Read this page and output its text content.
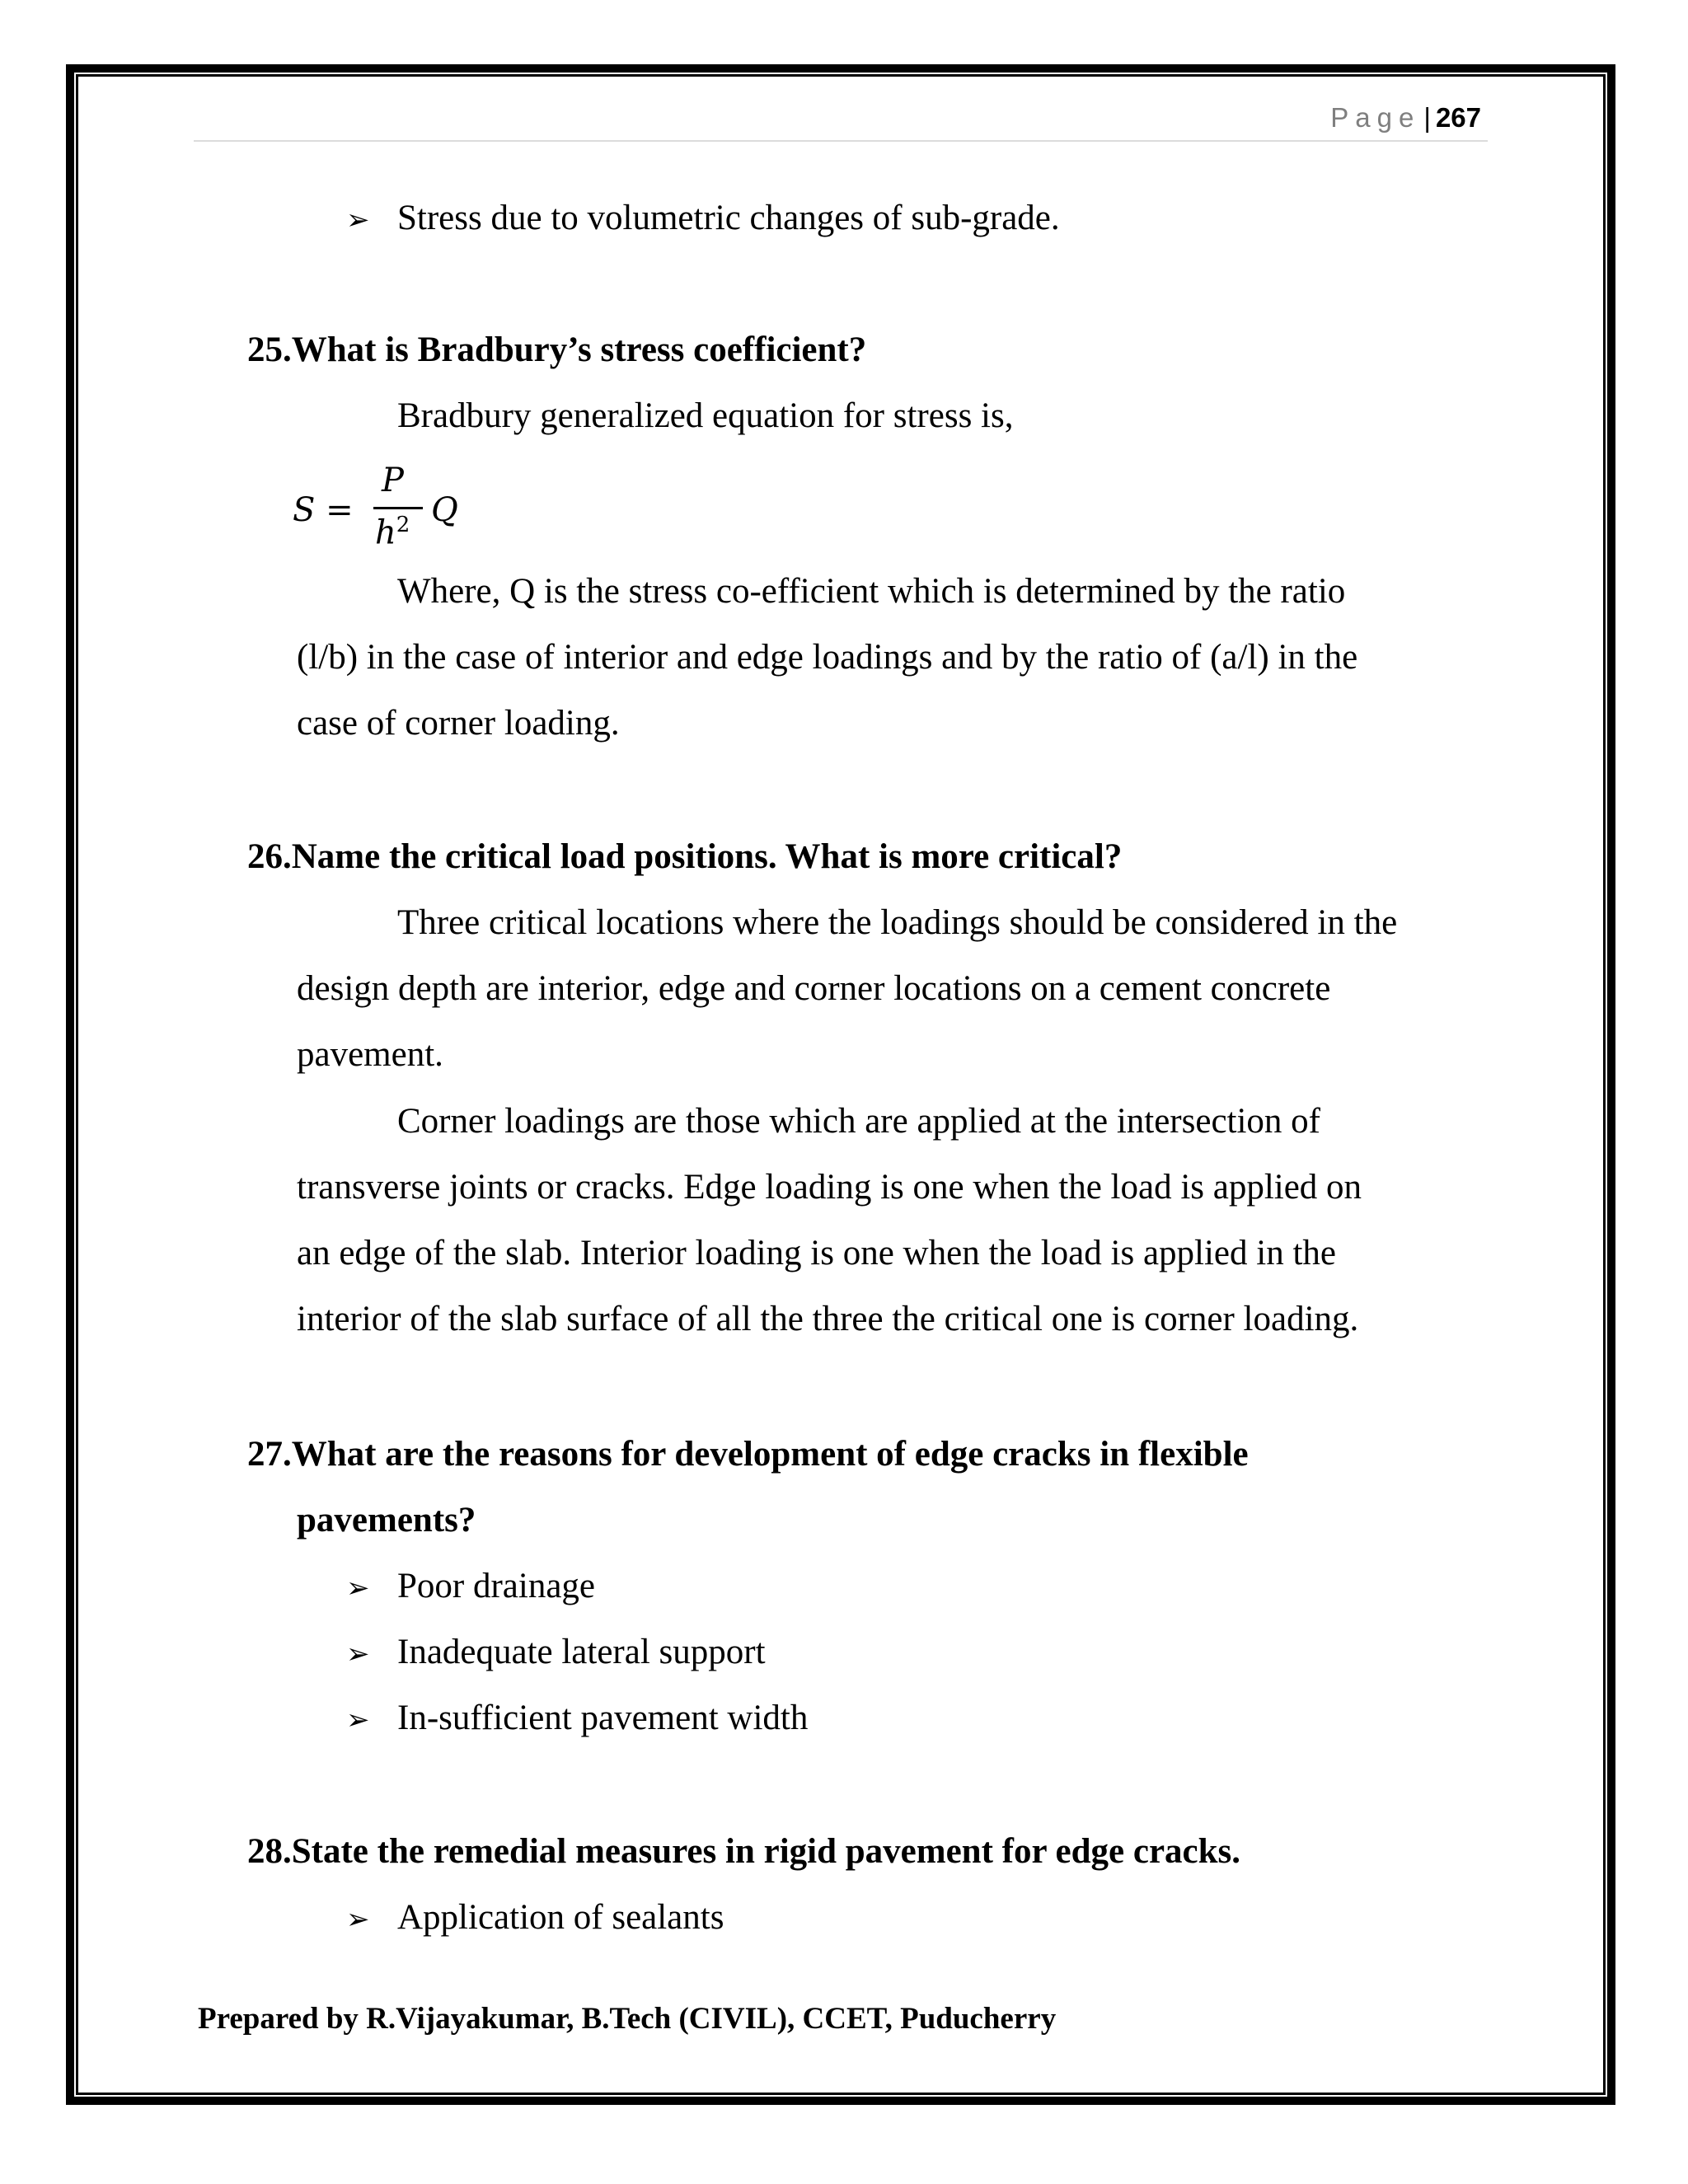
Page | 267
➢ Stress due to volumetric changes of sub-grade.
25.What is Bradbury’s stress coefficient?
Bradbury generalized equation for stress is,
S =
P
$h^2$ Q
Where, Q is the stress co-efficient which is determined by the ratio
(l/b) in the case of interior and edge loadings and by the ratio of (a/l) in the
case of corner loading.
26.Name the critical load positions. What is more critical?
Three critical locations where the loadings should be considered in the
design depth are interior, edge and corner locations on a cement concrete
pavement.
Corner loadings are those which are applied at the intersection of
transverse joints or cracks. Edge loading is one when the load is applied on
an edge of the slab. Interior loading is one when the load is applied in the
interior of the slab surface of all the three the critical one is corner loading.
27.What are the reasons for development of edge cracks in flexible
pavements?
➢ Poor drainage
➢ Inadequate lateral support
➢ In-sufficient pavement width
28.State the remedial measures in rigid pavement for edge cracks.
➢ Application of sealants
Prepared by R.Vijayakumar, B.Tech (CIVIL), CCET, Puducherry
